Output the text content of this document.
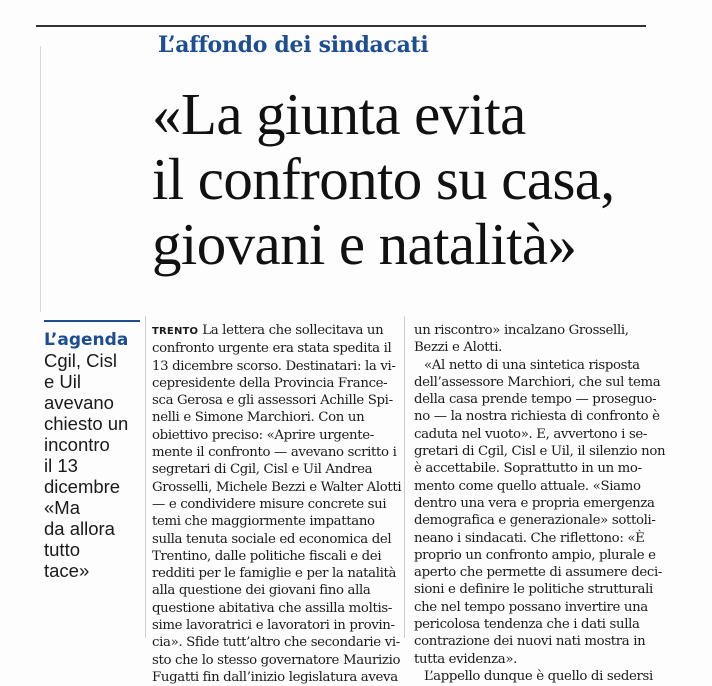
L’affondo dei sindacati
«La giunta evita
il confronto su casa,
giovani e natalità»
L’agenda
Cgil, Cisl
e Uil
avevano
chiesto un
incontro
il 13
dicembre
«Ma
da allora
tutto
tace»
TRENTO La lettera che sollecitava un
confronto urgente era stata spedita il
13 dicembre scorso. Destinatari: la vi-
cepresidente della Provincia France-
sca Gerosa e gli assessori Achille Spi-
nelli e Simone Marchiori. Con un
obiettivo preciso: «Aprire urgente-
mente il confronto — avevano scritto i
segretari di Cgil, Cisl e Uil Andrea
Grosselli, Michele Bezzi e Walter Alotti
— e condividere misure concrete sui
temi che maggiormente impattano
sulla tenuta sociale ed economica del
Trentino, dalle politiche fiscali e dei
redditi per le famiglie e per la natalità
alla questione dei giovani fino alla
questione abitativa che assilla moltis-
sime lavoratrici e lavoratori in provin-
cia». Sfide tutt’altro che secondarie vi-
sto che lo stesso governatore Maurizio
Fugatti fin dall’inizio legislatura aveva
un riscontro» incalzano Grosselli,
Bezzi e Alotti.
«Al netto di una sintetica risposta
dell’assessore Marchiori, che sul tema
della casa prende tempo — proseguo-
no — la nostra richiesta di confronto è
caduta nel vuoto». E, avvertono i se-
gretari di Cgil, Cisl e Uil, il silenzio non
è accettabile. Soprattutto in un mo-
mento come quello attuale. «Siamo
dentro una vera e propria emergenza
demografica e generazionale» sottoli-
neano i sindacati. Che riflettono: «È
proprio un confronto ampio, plurale e
aperto che permette di assumere deci-
sioni e definire le politiche strutturali
che nel tempo possano invertire una
pericolosa tendenza che i dati sulla
contrazione dei nuovi nati mostra in
tutta evidenza».
L’appello dunque è quello di sedersi
